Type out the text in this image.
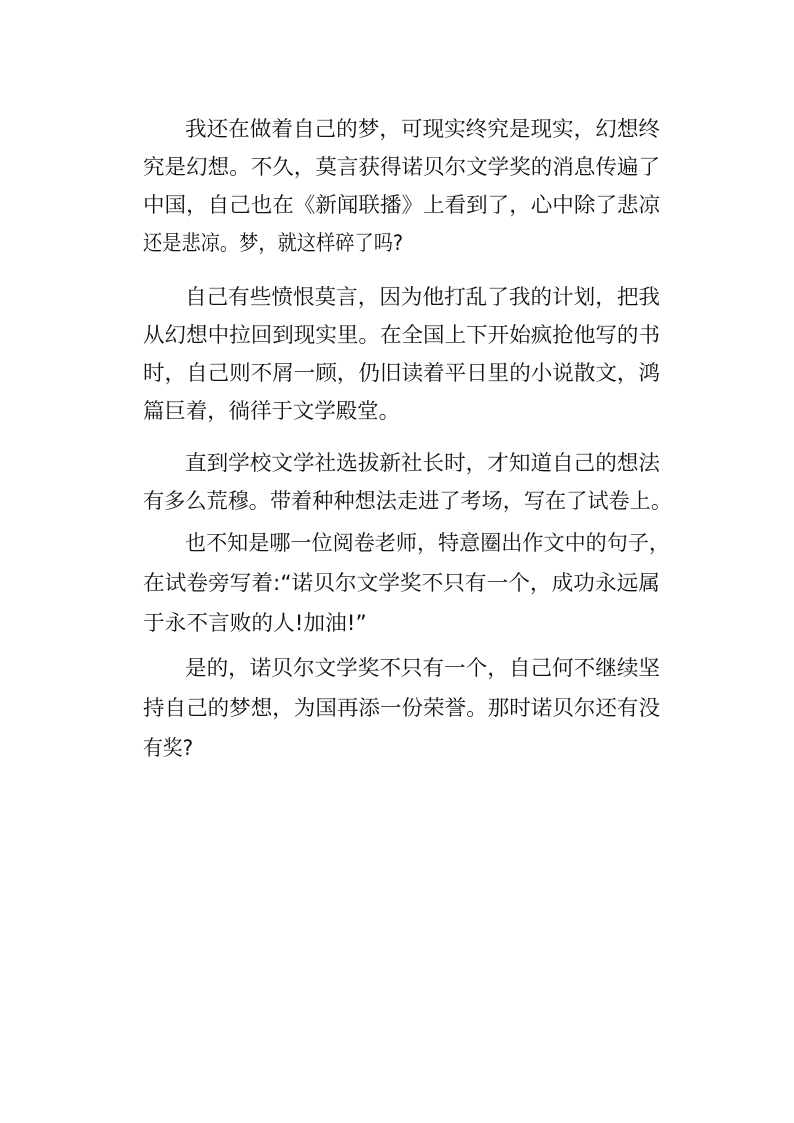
我还在做着自己的梦，可现实终究是现实，幻想终
究是幻想。不久，莫言获得诺贝尔文学奖的消息传遍了
中国，自己也在《新闻联播》上看到了，心中除了悲凉
还是悲凉。梦，就这样碎了吗?
自己有些愤恨莫言，因为他打乱了我的计划，把我
从幻想中拉回到现实里。在全国上下开始疯抢他写的书
时，自己则不屑一顾，仍旧读着平日里的小说散文，鸿
篇巨着，徜徉于文学殿堂。
直到学校文学社选拔新社长时，才知道自己的想法
有多么荒穆。带着种种想法走进了考场，写在了试卷上。
也不知是哪一位阅卷老师，特意圈出作文中的句子，
在试卷旁写着:“诺贝尔文学奖不只有一个，成功永远属
于永不言败的人!加油!”
是的，诺贝尔文学奖不只有一个，自己何不继续坚
持自己的梦想，为国再添一份荣誉。那时诺贝尔还有没
有奖?
